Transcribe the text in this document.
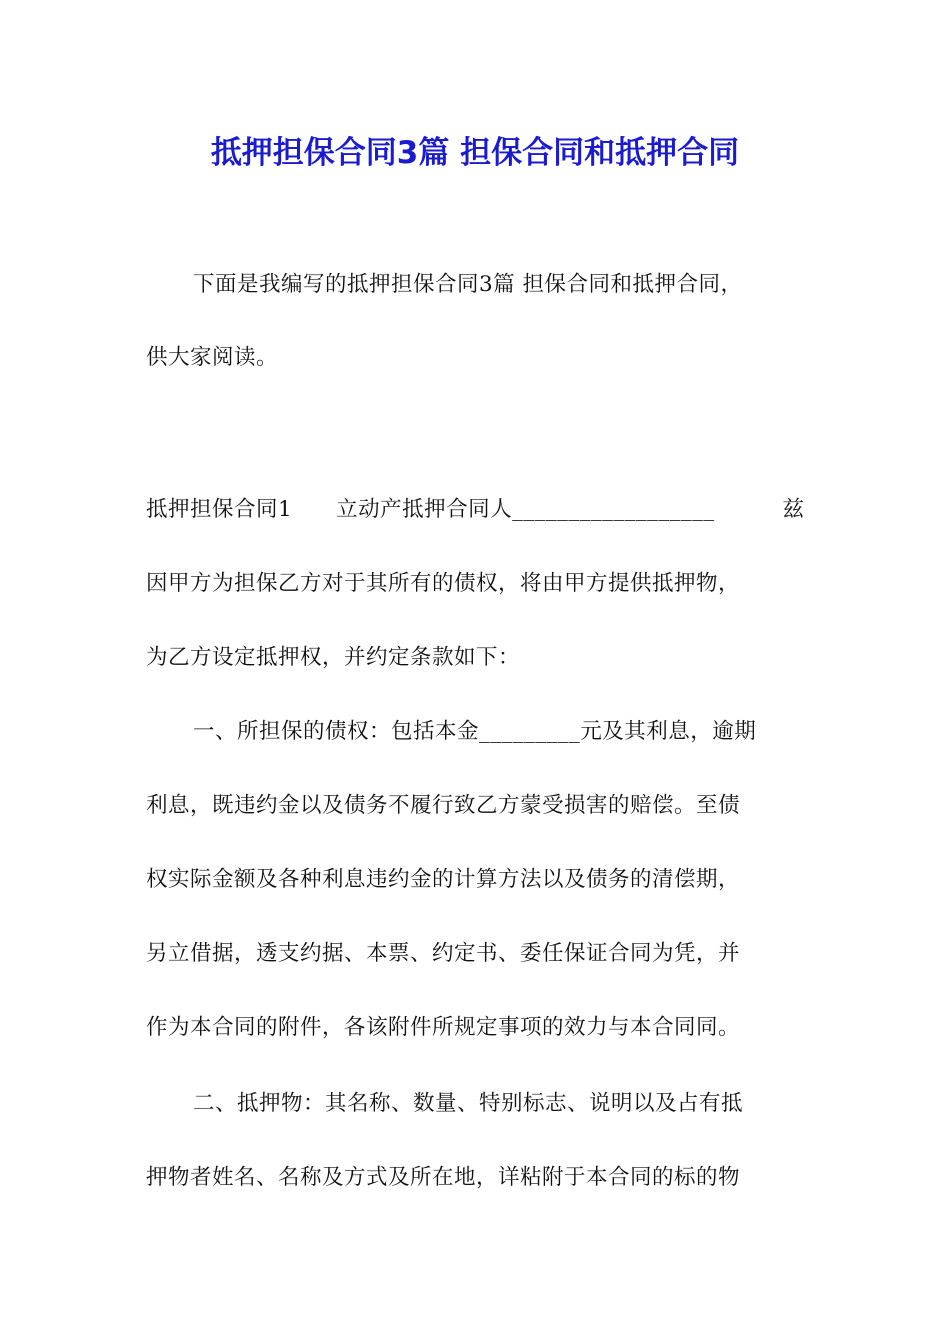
抵押担保合同3篇 担保合同和抵押合同
下面是我编写的抵押担保合同3篇 担保合同和抵押合同，
供大家阅读。
抵押担保合同1　　立动产抵押合同人__________________	兹
因甲方为担保乙方对于其所有的债权，将由甲方提供抵押物，
为乙方设定抵押权，并约定条款如下：
一、所担保的债权：包括本金_________元及其利息，逾期
利息，既违约金以及债务不履行致乙方蒙受损害的赔偿。至债
权实际金额及各种利息违约金的计算方法以及债务的清偿期，
另立借据，透支约据、本票、约定书、委任保证合同为凭，并
作为本合同的附件，各该附件所规定事项的效力与本合同同。
二、抵押物：其名称、数量、特别标志、说明以及占有抵
押物者姓名、名称及方式及所在地，详粘附于本合同的标的物
